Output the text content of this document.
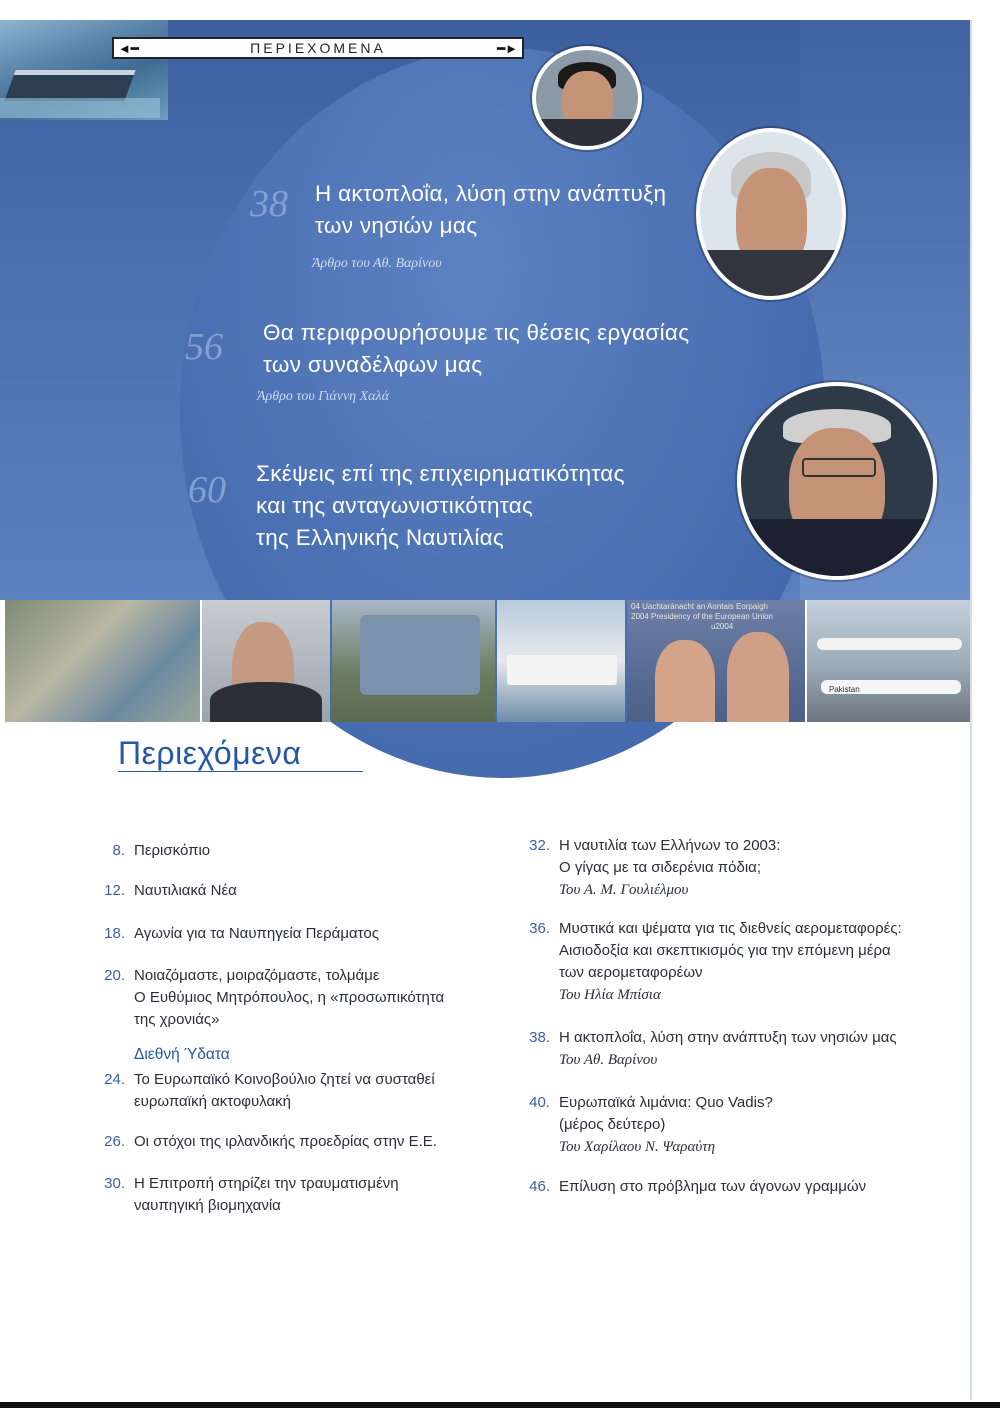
◄━	ΠΕΡΙΕΧΟΜΕΝΑ	━►
38 Η ακτοπλοΐα, λύση στην ανάπτυξη
των νησιών μας
Άρθρο του Αθ. Βαρίνου
56 Θα περιφρουρήσουμε τις θέσεις εργασίας
των συναδέλφων μας
Άρθρο του Γιάννη Χαλά
60 Σκέψεις επί της επιχειρηματικότητας
και της ανταγωνιστικότητας
της Ελληνικής Ναυτιλίας
04 Uachtaránacht an Aontais Eorpaigh
2004 Presidency of the European Union
u2004
Pakistan
Περιεχόμενα
8. Περισκόπιο
12. Ναυτιλιακά Νέα
18. Αγωνία για τα Ναυπηγεία Περάματος
20. Νοιαζόμαστε, μοιραζόμαστε, τολμάμε
Ο Ευθύμιος Μητρόπουλος, η «προσωπικότητα
της χρονιάς»
Διεθνή Ύδατα
24. Το Ευρωπαϊκό Κοινοβούλιο ζητεί να συσταθεί
ευρωπαϊκή ακτοφυλακή
26. Οι στόχοι της ιρλανδικής προεδρίας στην Ε.Ε.
30. Η Επιτροπή στηρίζει την τραυματισμένη
ναυπηγική βιομηχανία
32. Η ναυτιλία των Ελλήνων το 2003:
Ο γίγας με τα σιδερένια πόδια;
Του Α. Μ. Γουλιέλμου
36. Μυστικά και ψέματα για τις διεθνείς αερομεταφορές:
Αισιοδοξία και σκεπτικισμός για την επόμενη μέρα
των αερομεταφορέων
Του Ηλία Μπίσια
38. Η ακτοπλοΐα, λύση στην ανάπτυξη των νησιών μας
Του Αθ. Βαρίνου
40. Ευρωπαϊκά λιμάνια: Quo Vadis?
(μέρος δεύτερο)
Του Χαρίλαου Ν. Ψαραύτη
46. Επίλυση στο πρόβλημα των άγονων γραμμών
